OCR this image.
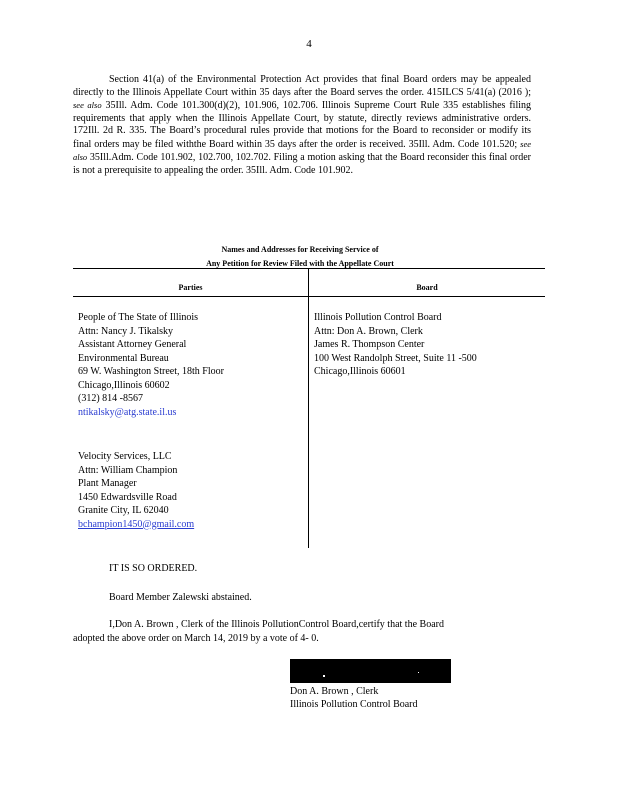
4
Section 41(a) of the Environmental Protection Act provides that final Board orders may be appealed directly to the Illinois Appellate Court within 35 days after the Board serves the order. 415ILCS 5/41(a) (2016 ); see also 35Ill. Adm. Code 101.300(d)(2), 101.906, 102.706. Illinois Supreme Court Rule 335 establishes filing requirements that apply when the Illinois Appellate Court, by statute, directly reviews administrative orders. 172Ill. 2d R. 335. The Board’s procedural rules provide that motions for the Board to reconsider or modify its final orders may be filed withthe Board within 35 days after the order is received. 35Ill. Adm. Code 101.520; see also 35Ill.Adm. Code 101.902, 102.700, 102.702. Filing a motion asking that the Board reconsider this final order is not a prerequisite to appealing the order. 35Ill. Adm. Code 101.902.
Names and Addresses for Receiving Service of
Any Petition for Review Filed with the Appellate Court
Parties	Board
People of The State of Illinois
Attn: Nancy J. Tikalsky
Assistant Attorney General
Environmental Bureau
69 W. Washington Street, 18th Floor
Chicago,Illinois 60602
(312) 814 -8567
ntikalsky@atg.state.il.us
Velocity Services, LLC
Attn: William Champion
Plant Manager
1450 Edwardsville Road
Granite City, IL 62040
bchampion1450@gmail.com
Illinois Pollution Control Board
Attn: Don A. Brown, Clerk
James R. Thompson Center
100 West Randolph Street, Suite 11 -500
Chicago,Illinois 60601
IT IS SO ORDERED.
Board Member Zalewski abstained.
I,Don A. Brown , Clerk of the Illinois PollutionControl Board,certify that the Board
adopted the above order on March 14, 2019 by a vote of 4- 0.
Don A. Brown , Clerk
Illinois Pollution Control Board
